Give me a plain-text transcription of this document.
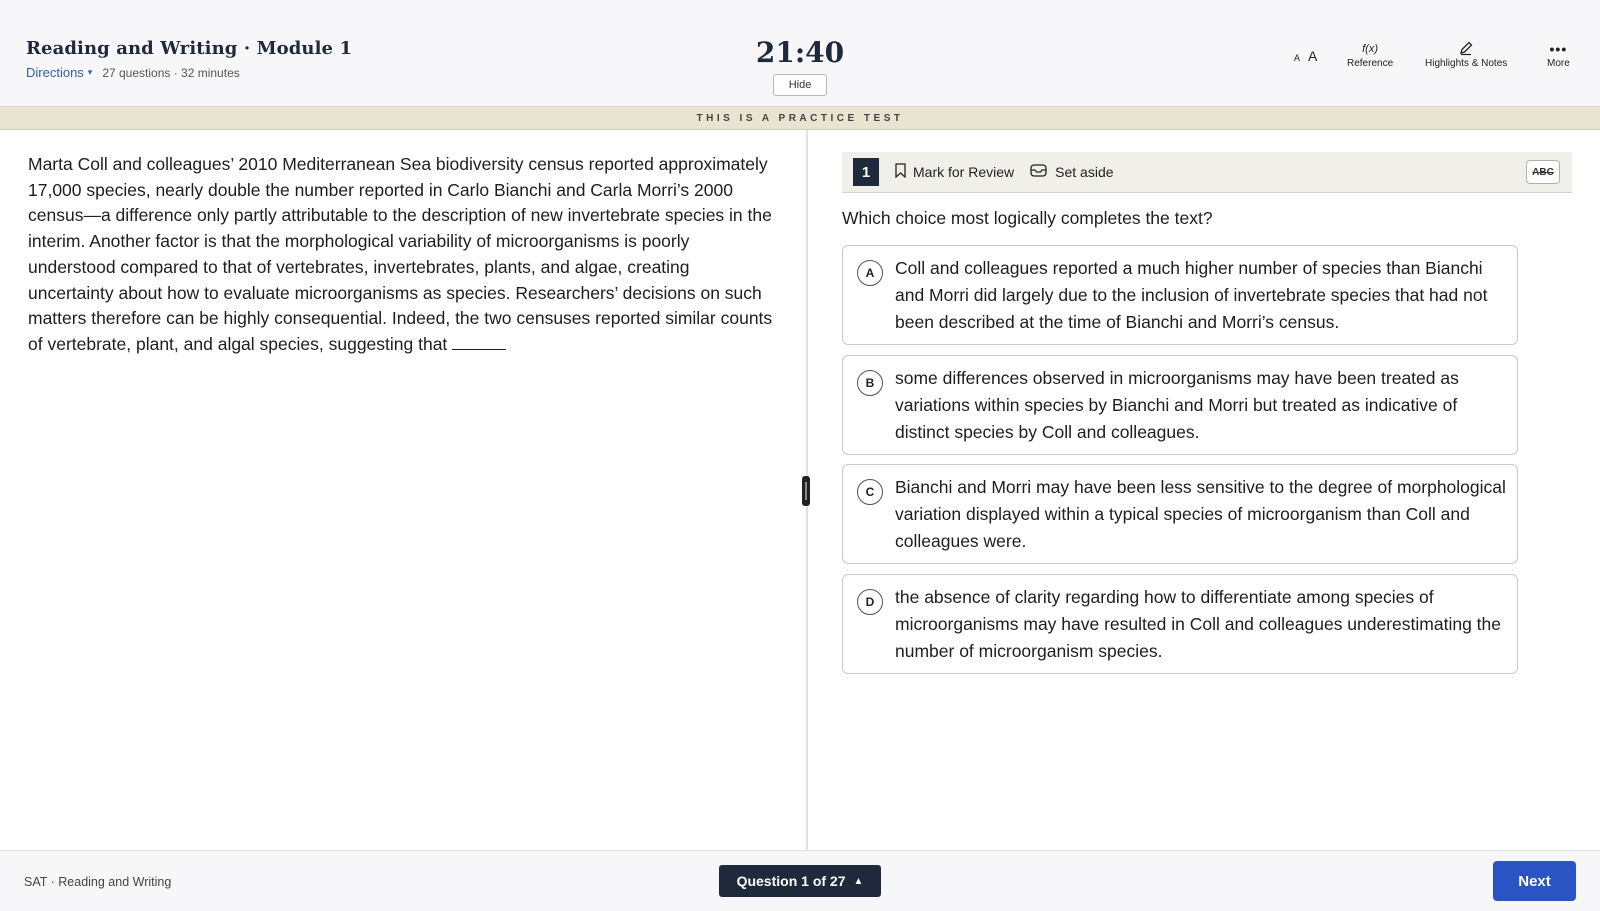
Reading and Writing · Module 1
Directions ▾ 27 questions · 32 minutes
21:40
Hide
A A	f(x)
Reference	Highlights & Notes
•••
More
THIS IS A PRACTICE TEST
Marta Coll and colleagues’ 2010 Mediterranean Sea biodiversity census reported approximately 17,000 species, nearly double the number reported in Carlo Bianchi and Carla Morri’s 2000 census—a difference only partly attributable to the description of new invertebrate species in the interim. Another factor is that the morphological variability of microorganisms is poorly understood compared to that of vertebrates, invertebrates, plants, and algae, creating uncertainty about how to evaluate microorganisms as species. Researchers’ decisions on such matters therefore can be highly consequential. Indeed, the two censuses reported similar counts of vertebrate, plant, and algal species, suggesting that
1	Mark for Review	Set aside	ABC
Which choice most logically completes the text?
A	Coll and colleagues reported a much higher number of species than Bianchi and Morri did largely due to the inclusion of invertebrate species that had not been described at the time of Bianchi and Morri’s census.
B	some differences observed in microorganisms may have been treated as variations within species by Bianchi and Morri but treated as indicative of distinct species by Coll and colleagues.
C	Bianchi and Morri may have been less sensitive to the degree of morphological variation displayed within a typical species of microorganism than Coll and colleagues were.
D	the absence of clarity regarding how to differentiate among species of microorganisms may have resulted in Coll and colleagues underestimating the number of microorganism species.
SAT · Reading and Writing	Question 1 of 27 ▲	Next
